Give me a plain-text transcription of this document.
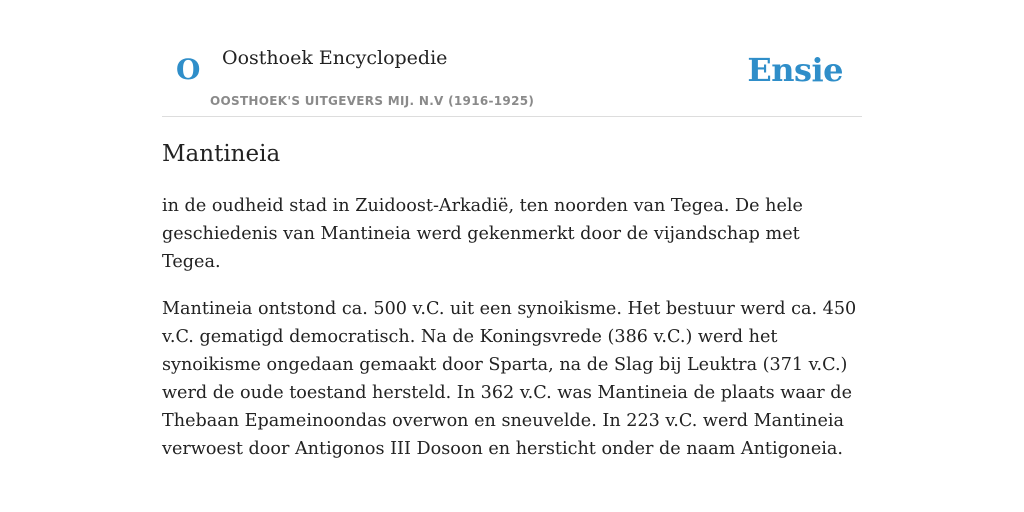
O Oosthoek Encyclopedie
OOSTHOEK'S UITGEVERS MIJ. N.V (1916-1925)
Ensie
Mantineia

in de oudheid stad in Zuidoost-Arkadië, ten noorden van Tegea. De hele geschiedenis van Mantineia werd gekenmerkt door de vijandschap met Tegea.

Mantineia ontstond ca. 500 v.C. uit een synoikisme. Het bestuur werd ca. 450 v.C. gematigd democratisch. Na de Koningsvrede (386 v.C.) werd het synoikisme ongedaan gemaakt door Sparta, na de Slag bij Leuktra (371 v.C.) werd de oude toestand hersteld. In 362 v.C. was Mantineia de plaats waar de Thebaan Epameinoondas overwon en sneuvelde. In 223 v.C. werd Mantineia verwoest door Antigonos III Dosoon en hersticht onder de naam Antigoneia.
